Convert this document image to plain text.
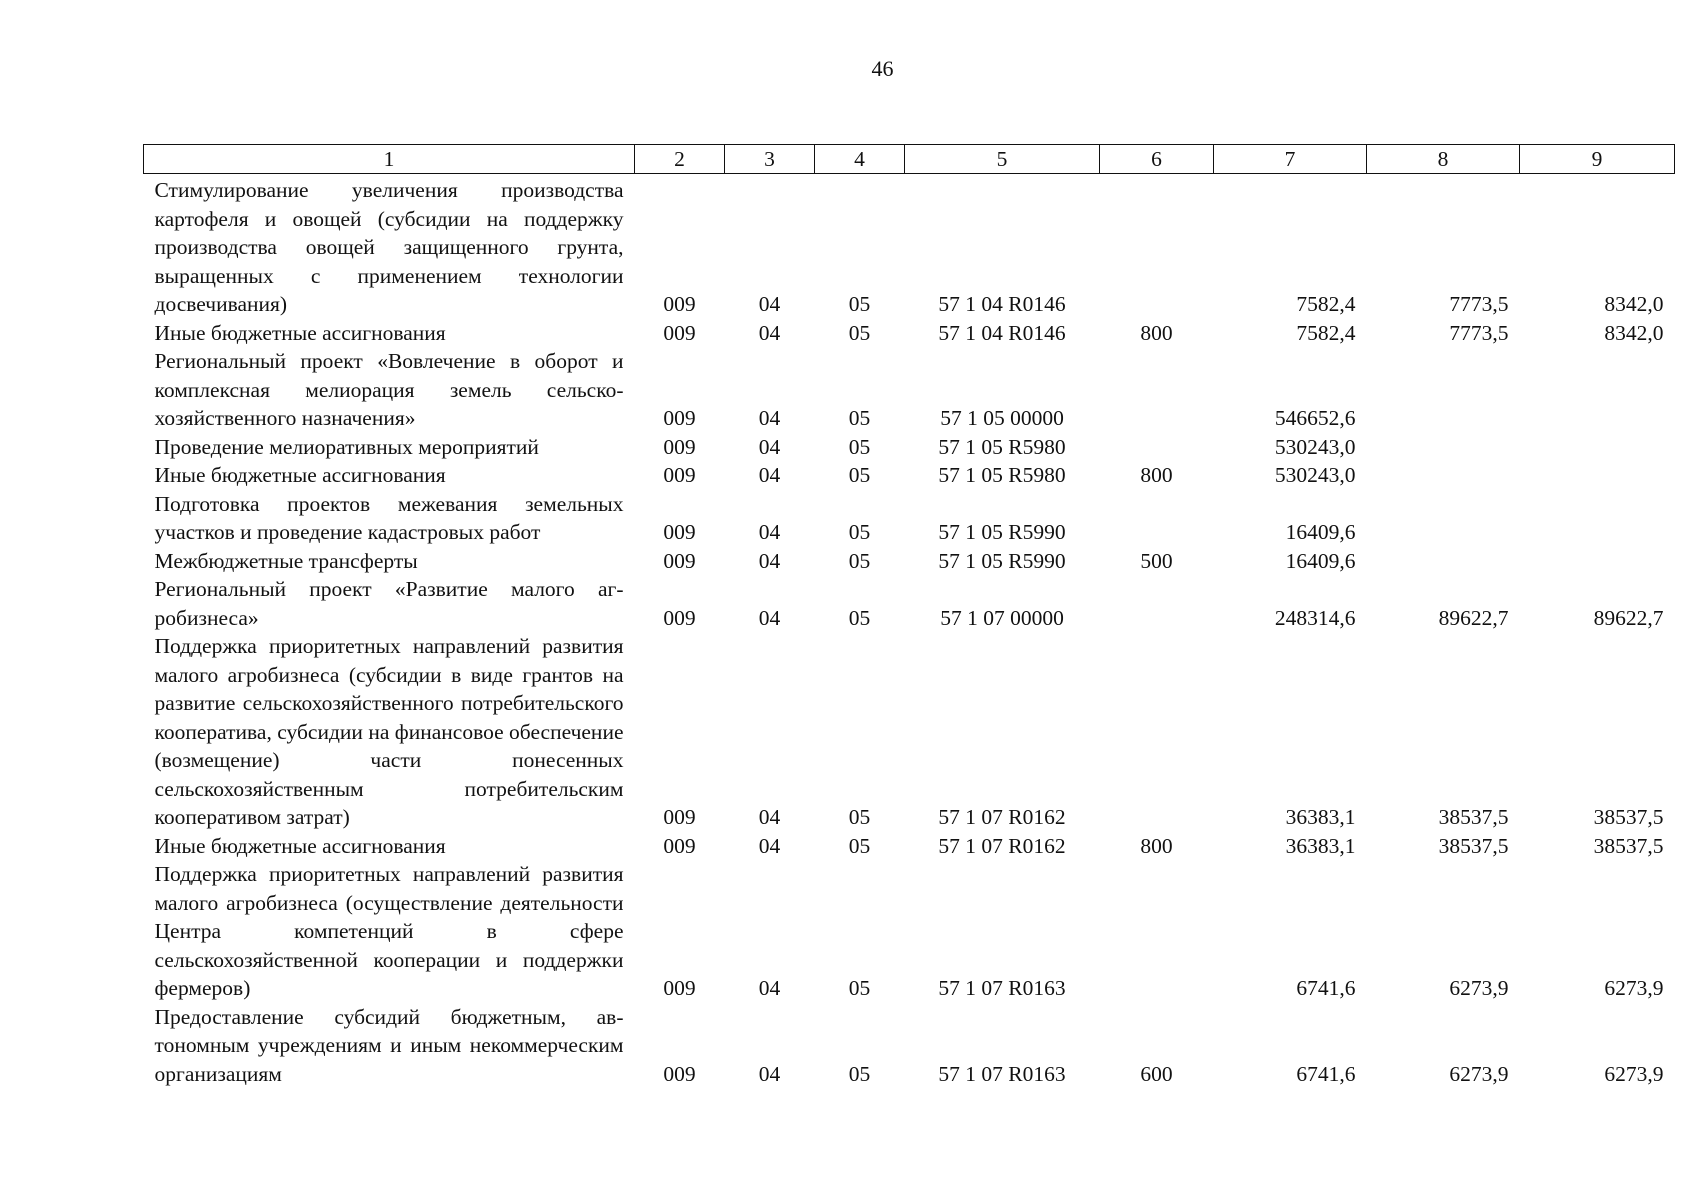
46
1	2	3	4	5	6	7	8	9
Стимулирование увеличения производства картофеля и овощей (субсидии на поддержку производства овощей защищенного грунта, выращенных с применением технологии досвечивания)	009	04	05	57 1 04 R0146		7582,4	7773,5	8342,0
Иные бюджетные ассигнования	009	04	05	57 1 04 R0146	800	7582,4	7773,5	8342,0
Региональный проект «Вовлечение в оборот и комплексная мелиорация земель сельскохозяйственного назначения»	009	04	05	57 1 05 00000		546652,6		
Проведение мелиоративных мероприятий	009	04	05	57 1 05 R5980		530243,0		
Иные бюджетные ассигнования	009	04	05	57 1 05 R5980	800	530243,0		
Подготовка проектов межевания земельных участков и проведение кадастровых работ	009	04	05	57 1 05 R5990		16409,6		
Межбюджетные трансферты	009	04	05	57 1 05 R5990	500	16409,6		
Региональный проект «Развитие малого агробизнеса»	009	04	05	57 1 07 00000		248314,6	89622,7	89622,7
Поддержка приоритетных направлений развития малого агробизнеса (субсидии в виде грантов на развитие сельскохозяйственного потребительского кооператива, субсидии на финансовое обеспечение (возмещение) части понесенных сельскохозяйственным потребительским кооперативом затрат)	009	04	05	57 1 07 R0162		36383,1	38537,5	38537,5
Иные бюджетные ассигнования	009	04	05	57 1 07 R0162	800	36383,1	38537,5	38537,5
Поддержка приоритетных направлений развития малого агробизнеса (осуществление деятельности Центра компетенций в сфере сельскохозяйственной кооперации и поддержки фермеров)	009	04	05	57 1 07 R0163		6741,6	6273,9	6273,9
Предоставление субсидий бюджетным, автономным учреждениям и иным некоммерческим организациям	009	04	05	57 1 07 R0163	600	6741,6	6273,9	6273,9
